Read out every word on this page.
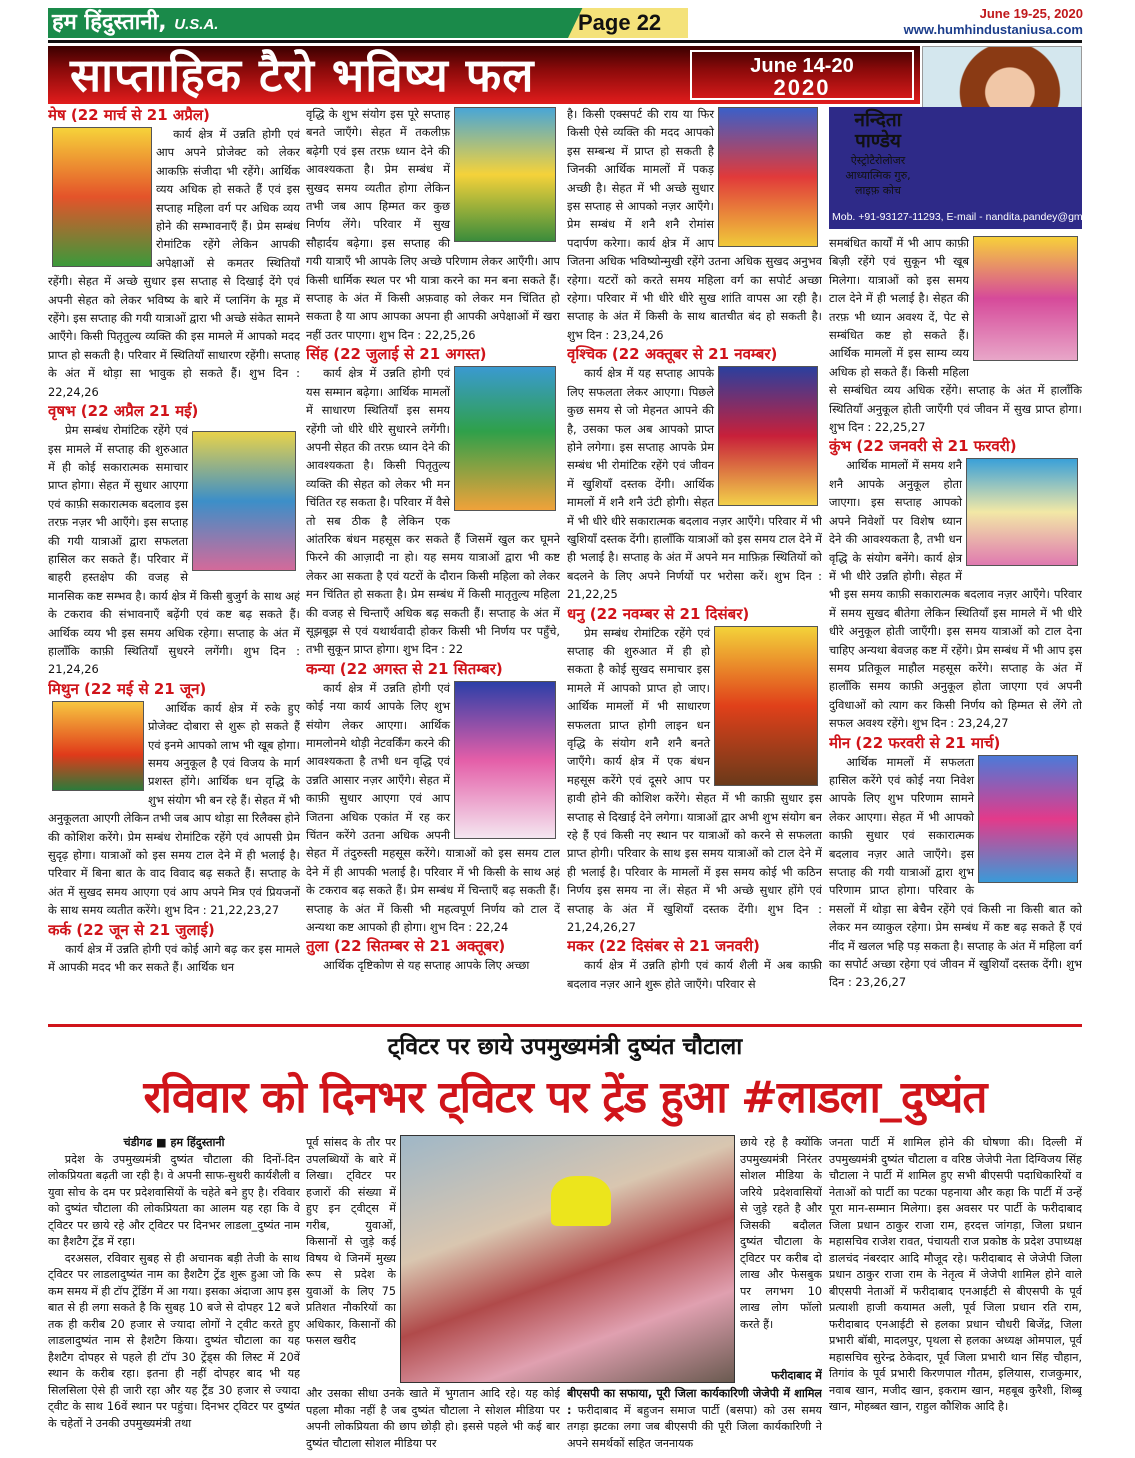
हम हिंदुस्तानी, U.S.A.	Page 22	June 19-25, 2020
www.humhindustaniusa.com
साप्ताहिक टैरो भविष्य फल	June 14-20
2020
नन्दिता
पाण्डेय
ऐस्ट्रोटैरोलोजर
आध्यात्मिक गुरु,
लाइफ़ कोच
Mob. +91-93127-11293, E-mail - nandita.pandey@gmail.com
मेष (22 मार्च से 21 अप्रैल)

कार्य क्षेत्र में उन्नति होगी एवं आप अपने प्रोजेक्ट को लेकर आकफ़ि संजीदा भी रहेंगे। आर्थिक व्यय अधिक हो सकते हैं एवं इस सप्ताह महिला वर्ग पर अधिक व्यय होने की सम्भावनाएँ हैं। प्रेम सम्बंध रोमांटिक रहेंगे लेकिन आपकी अपेक्षाओं से कमतर स्थितियाँ रहेंगी। सेहत में अच्छे सुधार इस सप्ताह से दिखाई देंगे एवं अपनी सेहत को लेकर भविष्य के बारे में प्लानिंग के मूड में रहेंगे। इस सप्ताह की गयी यात्राओं द्वारा भी अच्छे संकेत सामने आएँगे। किसी पितृतुल्य व्यक्ति की इस मामले में आपको मदद प्राप्त हो सकती है। परिवार में स्थितियाँ साधारण रहेंगी। सप्ताह के अंत में थोड़ा सा भावुक हो सकते हैं। शुभ दिन : 22,24,26

वृषभ (22 अप्रैल 21 मई)

प्रेम सम्बंध रोमांटिक रहेंगे एवं इस मामले में सप्ताह की शुरुआत में ही कोई सकारात्मक समाचार प्राप्त होगा। सेहत में सुधार आएगा एवं काफ़ी सकारात्मक बदलाव इस तरफ़ नज़र भी आएँगे। इस सप्ताह की गयी यात्राओं द्वारा सफलता हासिल कर सकते हैं। परिवार में बाहरी हस्तक्षेप की वजह से मानसिक कष्ट सम्भव है। कार्य क्षेत्र में किसी बुजुर्ग के साथ अहं के टकराव की संभावनाएँ बढ़ेंगी एवं कष्ट बढ़ सकते हैं। आर्थिक व्यय भी इस समय अधिक रहेगा। सप्ताह के अंत में हालाँकि काफ़ी स्थितियाँ सुधरने लगेंगी। शुभ दिन : 21,24,26

मिथुन (22 मई से 21 जून)

आर्थिक कार्य क्षेत्र में रुके हुए प्रोजेक्ट दोबारा से शुरू हो सकते हैं एवं इनमे आपको लाभ भी खूब होगा। समय अनुकूल है एवं विजय के मार्ग प्रशस्त होंगे। आर्थिक धन वृद्धि के शुभ संयोग भी बन रहे हैं। सेहत में भी अनुकूलता आएगी लेकिन तभी जब आप थोड़ा सा रिलैक्स होने की कोशिश करेंगे। प्रेम सम्बंध रोमांटिक रहेंगे एवं आपसी प्रेम सुदृढ़ होगा। यात्राओं को इस समय टाल देने में ही भलाई है। परिवार में बिना बात के वाद विवाद बढ़ सकते हैं। सप्ताह के अंत में सुखद समय आएगा एवं आप अपने मित्र एवं प्रियजनों के साथ समय व्यतीत करेंगे। शुभ दिन : 21,22,23,27

कर्क (22 जून से 21 जुलाई)

कार्य क्षेत्र में उन्नति होगी एवं कोई आगे बढ़ कर इस मामले में आपकी मदद भी कर सकते हैं। आर्थिक धन

वृद्धि के शुभ संयोग इस पूरे सप्ताह बनते जाएँगे। सेहत में तकलीफ़ बढ़ेगी एवं इस तरफ़ ध्यान देने की आवश्यकता है। प्रेम सम्बंध में सुखद समय व्यतीत होगा लेकिन तभी जब आप हिम्मत कर कुछ निर्णय लेंगे। परिवार में सुख सौहार्दय बढ़ेगा। इस सप्ताह की गयी यात्राएँ भी आपके लिए अच्छे परिणाम लेकर आएँगी। आप किसी धार्मिक स्थल पर भी यात्रा करने का मन बना सकते हैं। सप्ताह के अंत में किसी अफ़वाह को लेकर मन चिंतित हो सकता है या आप आपका अपना ही आपकी अपेक्षाओं में खरा नहीं उतर पाएगा। शुभ दिन : 22,25,26

सिंह (22 जुलाई से 21 अगस्त)

कार्य क्षेत्र में उन्नति होगी एवं यस सम्मान बढ़ेगा। आर्थिक मामलों में साधारण स्थितियाँ इस समय रहेंगी जो धीरे धीरे सुधारने लगेंगी। अपनी सेहत की तरफ़ ध्यान देने की आवश्यकता है। किसी पितृतुल्य व्यक्ति की सेहत को लेकर भी मन चिंतित रह सकता है। परिवार में वैसे तो सब ठीक है लेकिन एक आंतरिक बंधन महसूस कर सकते हैं जिसमें खुल कर घूमने फिरने की आज़ादी ना हो। यह समय यात्राओं द्वारा भी कष्ट लेकर आ सकता है एवं यटरों के दौरान किसी महिला को लेकर मन चिंतित हो सकता है। प्रेम सम्बंध में किसी मातृतुल्य महिला की वजह से चिन्ताएँ अधिक बढ़ सकती हैं। सप्ताह के अंत में सूझबूझ से एवं यथार्थवादी होकर किसी भी निर्णय पर पहुँचे, तभी सुकून प्राप्त होगा। शुभ दिन : 22

कन्या (22 अगस्त से 21 सितम्बर)

कार्य क्षेत्र में उन्नति होगी एवं कोई नया कार्य आपके लिए शुभ संयोग लेकर आएगा। आर्थिक मामलोनमे थोड़ी नेटवर्किंग करने की आवश्यकता है तभी धन वृद्धि एवं उन्नति आसार नज़र आएँगे। सेहत में काफ़ी सुधार आएगा एवं आप जितना अधिक एकांत में रह कर चिंतन करेंगे उतना अधिक अपनी सेहत में तंदुरुस्ती महसूस करेंगे। यात्राओं को इस समय टाल देने में ही आपकी भलाई है। परिवार में भी किसी के साथ अहं के टकराव बढ़ सकते हैं। प्रेम सम्बंध में चिन्ताएँ बढ़ सकती हैं। सप्ताह के अंत में किसी भी महत्वपूर्ण निर्णय को टाल दें अन्यथा कष्ट आपको ही होगा। शुभ दिन : 22,24

तुला (22 सितम्बर से 21 अक्तूबर)

आर्थिक दृष्टिकोण से यह सप्ताह आपके लिए अच्छा

है। किसी एक्सपर्ट की राय या फिर किसी ऐसे व्यक्ति की मदद आपको इस सम्बन्ध में प्राप्त हो सकती है जिनकी आर्थिक मामलों में पकड़ अच्छी है। सेहत में भी अच्छे सुधार इस सप्ताह से आपको नज़र आएँगे। प्रेम सम्बंध में शनै शनै रोमांस पदार्पण करेगा। कार्य क्षेत्र में आप जितना अधिक भविष्योन्मुखी रहेंगे उतना अधिक सुखद अनुभव रहेगा। यटरों को करते समय महिला वर्ग का सपोर्ट अच्छा रहेगा। परिवार में भी धीरे धीरे सुख शांति वापस आ रही है। सप्ताह के अंत में किसी के साथ बातचीत बंद हो सकती है। शुभ दिन : 23,24,26

वृश्चिक (22 अक्तूबर से 21 नवम्बर)

कार्य क्षेत्र में यह सप्ताह आपके लिए सफलता लेकर आएगा। पिछले कुछ समय से जो मेहनत आपने की है, उसका फल अब आपको प्राप्त होने लगेगा। इस सप्ताह आपके प्रेम सम्बंध भी रोमांटिक रहेंगे एवं जीवन में खुशियाँ दस्तक देंगी। आर्थिक मामलों में शनै शनै उंटी होगी। सेहत में भी धीरे धीरे सकारात्मक बदलाव नज़र आएँगे। परिवार में भी खुशियाँ दस्तक देंगी। हालाँकि यात्राओं को इस समय टाल देने में ही भलाई है। सप्ताह के अंत में अपने मन माफ़िक़ स्थितियों को बदलने के लिए अपने निर्णयों पर भरोसा करें। शुभ दिन : 21,22,25

धनु (22 नवम्बर से 21 दिसंबर)

प्रेम सम्बंध रोमांटिक रहेंगे एवं सप्ताह की शुरुआत में ही हो सकता है कोई सुखद समाचार इस मामले में आपको प्राप्त हो जाए। आर्थिक मामलों में भी साधारण सफलता प्राप्त होगी लाइन धन वृद्धि के संयोग शनै शनै बनते जाएँगे। कार्य क्षेत्र में एक बंधन महसूस करेंगे एवं दूसरे आप पर हावी होने की कोशिश करेंगे। सेहत में भी काफ़ी सुधार इस सप्ताह से दिखाई देने लगेगा। यात्राओं द्वार अभी शुभ संयोग बन रहे हैं एवं किसी नए स्थान पर यात्राओं को करने से सफलता प्राप्त होगी। परिवार के साथ इस समय यात्राओं को टाल देने में ही भलाई है। परिवार के मामलों में इस समय कोई भी कठिन निर्णय इस समय ना लें। सेहत में भी अच्छे सुधार होंगे एवं सप्ताह के अंत में खुशियाँ दस्तक देंगी। शुभ दिन : 21,24,26,27

मकर (22 दिसंबर से 21 जनवरी)

कार्य क्षेत्र में उन्नति होगी एवं कार्य शैली में अब काफ़ी बदलाव नज़र आने शुरू होते जाएँगे। परिवार से

समबंधित कार्यों में भी आप काफ़ी बिज़ी रहेंगे एवं सुकून भी खूब मिलेगा। यात्राओं को इस समय टाल देने में ही भलाई है। सेहत की तरफ़ भी ध्यान अवश्य दें, पेट से सम्बंधित कष्ट हो सकते हैं। आर्थिक मामलों में इस साम्य व्यय अधिक हो सकते हैं। किसी महिला से सम्बंधित व्यय अधिक रहेंगे। सप्ताह के अंत में हालाँकि स्थितियाँ अनुकूल होती जाएँगी एवं जीवन में सुख प्राप्त होगा। शुभ दिन : 22,25,27

कुंभ (22 जनवरी से 21 फरवरी)

आर्थिक मामलों में समय शनै शनै आपके अनुकूल होता जाएगा। इस सप्ताह आपको अपने निवेशों पर विशेष ध्यान देने की आवश्यकता है, तभी धन वृद्धि के संयोग बनेंगे। कार्य क्षेत्र में भी धीरे उन्नति होगी। सेहत में भी इस समय काफ़ी सकारात्मक बदलाव नज़र आएँगे। परिवार में समय सुखद बीतेगा लेकिन स्थितियाँ इस मामले में भी धीरे धीरे अनुकूल होती जाएँगी। इस समय यात्राओं को टाल देना चाहिए अन्यथा बेवजह कष्ट में रहेंगे। प्रेम सम्बंध में भी आप इस समय प्रतिकूल माहौल महसूस करेंगे। सप्ताह के अंत में हालाँकि समय काफ़ी अनुकूल होता जाएगा एवं अपनी दुविधाओं को त्याग कर किसी निर्णय को हिम्मत से लेंगे तो सफल अवश्य रहेंगे। शुभ दिन : 23,24,27

मीन (22 फरवरी से 21 मार्च)

आर्थिक मामलों में सफलता हासिल करेंगे एवं कोई नया निवेश आपके लिए शुभ परिणाम सामने लेकर आएगा। सेहत में भी आपको काफ़ी सुधार एवं सकारात्मक बदलाव नज़र आते जाएँगे। इस सप्ताह की गयी यात्राओं द्वारा शुभ परिणाम प्राप्त होगा। परिवार के मसलों में थोड़ा सा बेचैन रहेंगे एवं किसी ना किसी बात को लेकर मन व्याकुल रहेगा। प्रेम सम्बंध में कष्ट बढ़ सकते हैं एवं नींद में खलल भहि पड़ सकता है। सप्ताह के अंत में महिला वर्ग का सपोर्ट अच्छा रहेगा एवं जीवन में खुशियाँ दस्तक देंगी। शुभ दिन : 23,26,27

ट्विटर पर छाये उपमुख्यमंत्री दुष्यंत चौटाला
रविवार को दिनभर ट्विटर पर ट्रेंड हुआ #लाडला_दुष्यंत

चंडीगढ ■ हम हिंदुस्तानी

प्रदेश के उपमुख्यमंत्री दुष्यंत चौटाला की दिनों-दिन लोकप्रियता बढ़ती जा रही है। वे अपनी साफ-सुथरी कार्यशैली व युवा सोच के दम पर प्रदेशवासियों के चहेते बने हुए है। रविवार को दुष्यंत चौटाला की लोकप्रियता का आलम यह रहा कि वे ट्विटर पर छाये रहे और ट्विटर पर दिनभर लाडला_दुष्यंत नाम का हैशटैग ट्रेंड में रहा।

दरअसल, रविवार सुबह से ही अचानक बड़ी तेजी के साथ ट्विटर पर लाडलादुष्यंत नाम का हैशटैग ट्रेंड शुरू हुआ जो कि कम समय में ही टॉप ट्रेंडिंग में आ गया। इसका अंदाजा आप इस बात से ही लगा सकते है कि सुबह 10 बजे से दोपहर 12 बजे तक ही करीब 20 हजार से ज्यादा लोगों ने ट्वीट करते हुए लाडलादुष्यंत नाम से हैशटैग किया। दुष्यंत चौटाला का यह हैशटैग दोपहर से पहले ही टॉप 30 ट्रेंड्स की लिस्ट में 20वें स्थान के करीब रहा। इतना ही नहीं दोपहर बाद भी यह सिलसिला ऐसे ही जारी रहा और यह ट्रैंड 30 हजार से ज्यादा ट्वीट के साथ 16वें स्थान पर पहुंचा। दिनभर ट्विटर पर दुष्यंत के चहेतों ने उनकी उपमुख्यमंत्री तथा

पूर्व सांसद के तौर पर उपलब्धियों के बारे में लिखा। ट्विटर पर हजारों की संख्या में हुए इन ट्वीट्स में गरीब, युवाओं, किसानों से जुड़े कई विषय थे जिनमें मुख्य रूप से प्रदेश के युवाओं के लिए 75 प्रतिशत नौकरियों का अधिकार, किसानों की फसल खरीद

छाये रहे है क्योंकि उपमुख्यमंत्री निरंतर सोशल मीडिया के जरिये प्रदेशवासियों से जुड़े रहते है और जिसकी बदौलत दुष्यंत चौटाला के ट्विटर पर करीब दो लाख और फेसबुक पर लगभग 10 लाख लोग फॉलो करते हैं।

फरीदाबाद में

और उसका सीधा उनके खाते में भुगतान आदि रहे। यह कोई पहला मौका नहीं है जब दुष्यंत चौटाला ने सोशल मीडिया पर अपनी लोकप्रियता की छाप छोड़ी हो। इससे पहले भी कई बार दुष्यंत चौटाला सोशल मीडिया पर

बीएसपी का सफाया, पूरी जिला कार्यकारिणी जेजेपी में शामिल : फरीदाबाद में बहुजन समाज पार्टी (बसपा) को उस समय तगड़ा झटका लगा जब बीएसपी की पूरी जिला कार्यकारिणी ने अपने समर्थकों सहित जननायक

जनता पार्टी में शामिल होने की घोषणा की। दिल्ली में उपमुख्यमंत्री दुष्यंत चौटाला व वरिष्ठ जेजेपी नेता दिग्विजय सिंह चौटाला ने पार्टी में शामिल हुए सभी बीएसपी पदाधिकारियों व नेताओं को पार्टी का पटका पहनाया और कहा कि पार्टी में उन्हें पूरा मान-सम्मान मिलेगा। इस अवसर पर पार्टी के फरीदाबाद जिला प्रधान ठाकुर राजा राम, हरदत्त जांगड़ा, जिला प्रधान महासचिव राजेश रावत, पंचायती राज प्रकोष्ठ के प्रदेश उपाध्यक्ष डालचंद नंबरदार आदि मौजूद रहे। फरीदाबाद से जेजेपी जिला प्रधान ठाकुर राजा राम के नेतृत्व में जेजेपी शामिल होने वाले बीएसपी नेताओं में फरीदाबाद एनआईटी से बीएसपी के पूर्व प्रत्याशी हाजी कयामत अली, पूर्व जिला प्रधान रति राम, फरीदाबाद एनआईटी से हलका प्रधान चौधरी बिजेंद्र, जिला प्रभारी बॉबी, मादलपुर, पृथला से हलका अध्यक्ष ओमपाल, पूर्व महासचिव सुरेन्द्र ठेकेदार, पूर्व जिला प्रभारी थान सिंह चौहान, तिगांव के पूर्व प्रभारी किरणपाल गौतम, इलियास, राजकुमार, नवाब खान, मजीद खान, इकराम खान, महबूब कुरैशी, शिब्बू खान, मोहब्बत खान, राहुल कौशिक आदि है।
